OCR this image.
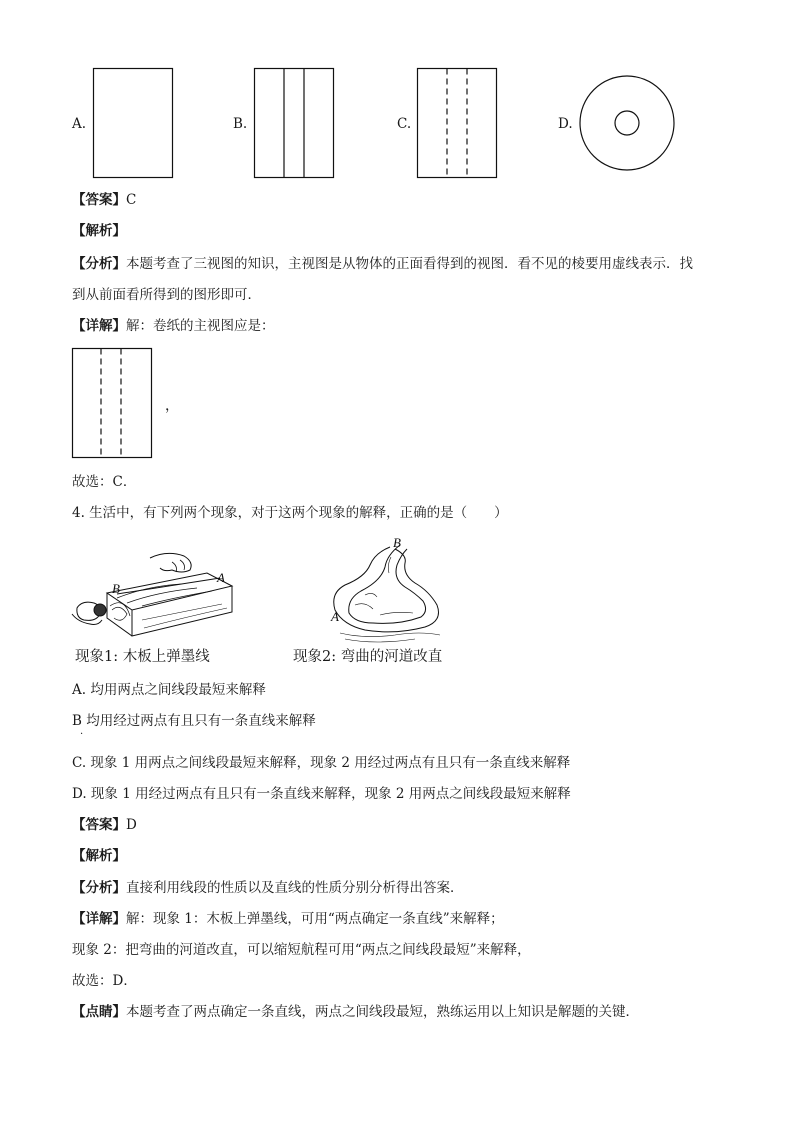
A.	B.	C.	D.
【答案】C
【解析】
【分析】本题考查了三视图的知识，主视图是从物体的正面看得到的视图．看不见的棱要用虚线表示．找
到从前面看所得到的图形即可．
【详解】解：卷纸的主视图应是：
，
故选：C．
4. 生活中，有下列两个现象，对于这两个现象的解释，正确的是（　　）
B
A
现象1: 木板上弹墨线
B
A
现象2: 弯曲的河道改直
A. 均用两点之间线段最短来解释
B 均用经过两点有且只有一条直线来解释
.
C. 现象 1 用两点之间线段最短来解释，现象 2 用经过两点有且只有一条直线来解释
D. 现象 1 用经过两点有且只有一条直线来解释，现象 2 用两点之间线段最短来解释
【答案】D
【解析】
【分析】直接利用线段的性质以及直线的性质分别分析得出答案．
【详解】解：现象 1：木板上弹墨线，可用“两点确定一条直线”来解释；
现象 2：把弯曲的河道改直，可以缩短航程可用“两点之间线段最短”来解释，
故选：D．
【点睛】本题考查了两点确定一条直线，两点之间线段最短，熟练运用以上知识是解题的关键．
